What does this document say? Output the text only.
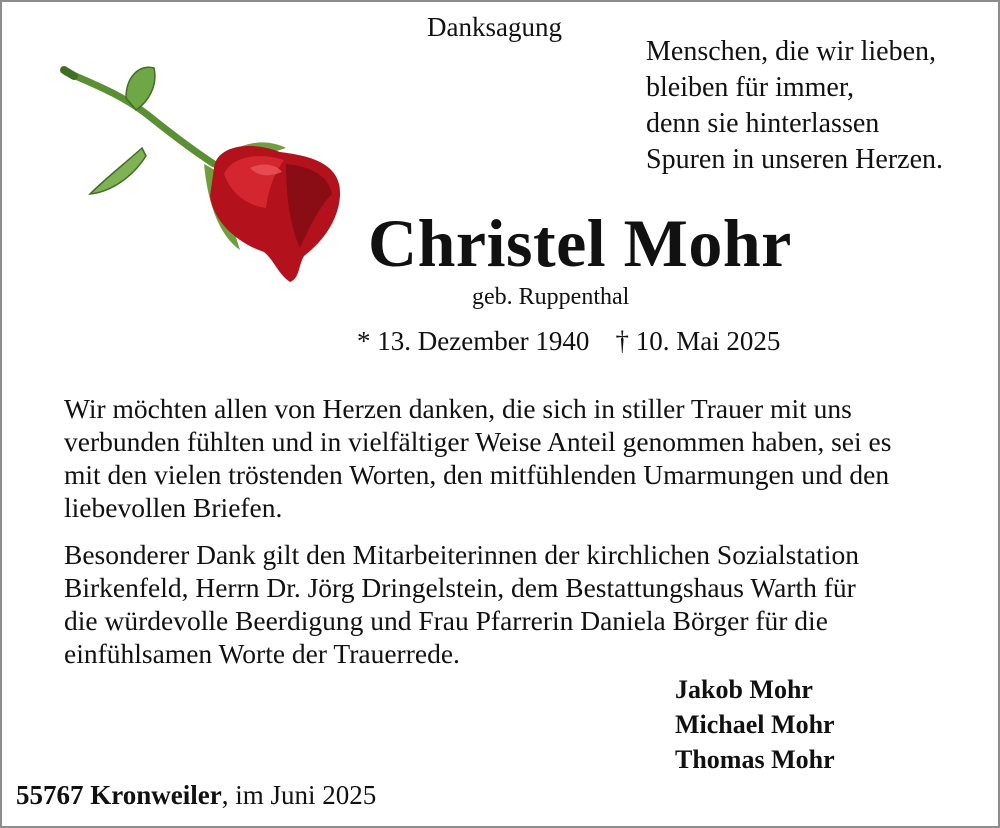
Danksagung
Menschen, die wir lieben,
bleiben für immer,
denn sie hinterlassen
Spuren in unseren Herzen.
Christel Mohr
geb. Ruppenthal
* 13. Dezember 1940 † 10. Mai 2025
Wir möchten allen von Herzen danken, die sich in stiller Trauer mit uns
verbunden fühlten und in vielfältiger Weise Anteil genommen haben, sei es
mit den vielen tröstenden Worten, den mitfühlenden Umarmungen und den
liebevollen Briefen.
Besonderer Dank gilt den Mitarbeiterinnen der kirchlichen Sozialstation
Birkenfeld, Herrn Dr. Jörg Dringelstein, dem Bestattungshaus Warth für
die würdevolle Beerdigung und Frau Pfarrerin Daniela Börger für die
einfühlsamen Worte der Trauerrede.
Jakob Mohr
Michael Mohr
Thomas Mohr
55767 Kronweiler, im Juni 2025
